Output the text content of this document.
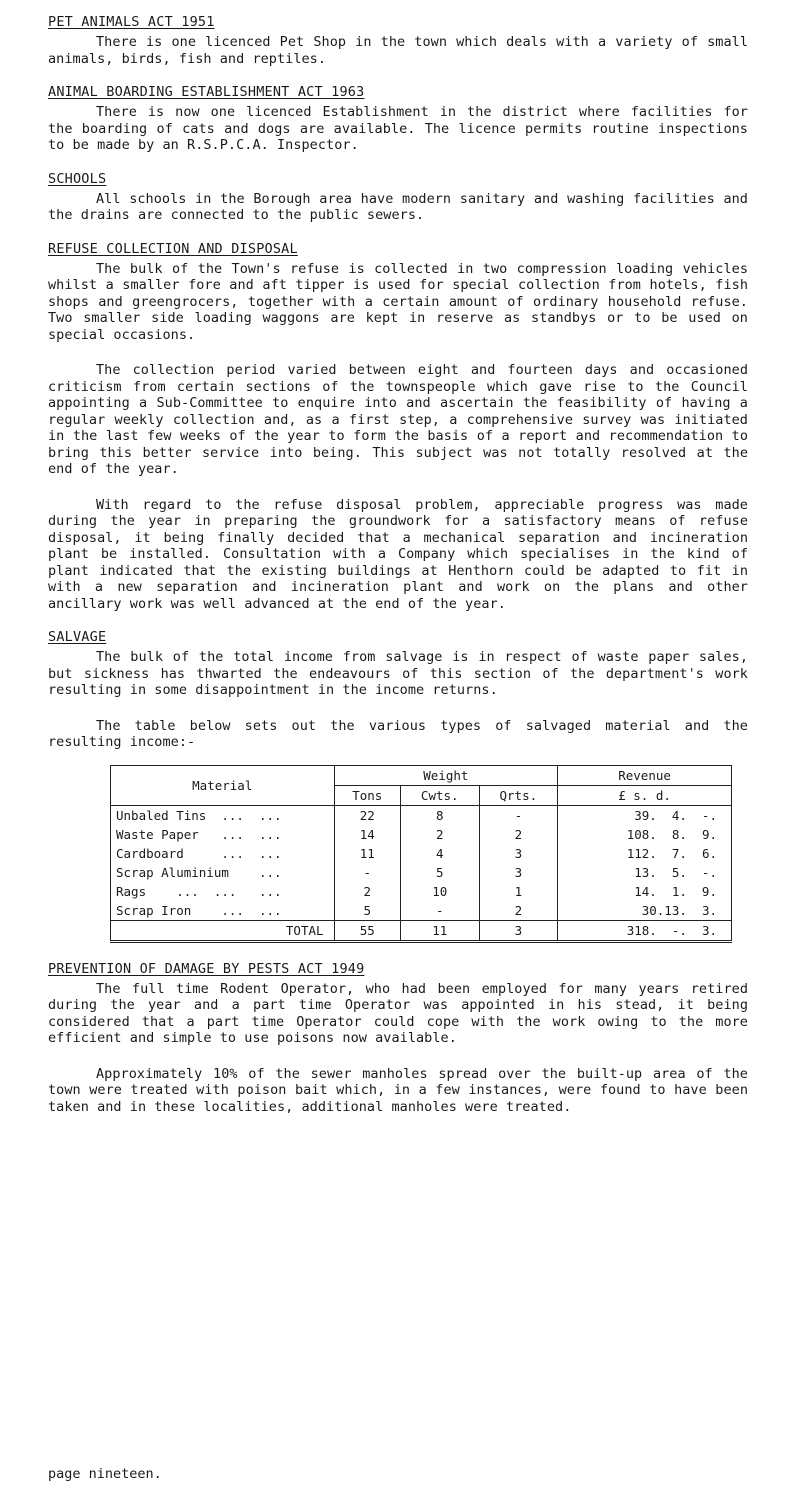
PET ANIMALS ACT 1951

There is one licenced Pet Shop in the town which deals with a variety of small animals, birds, fish and reptiles.

ANIMAL BOARDING ESTABLISHMENT ACT 1963

There is now one licenced Establishment in the district where facilities for the boarding of cats and dogs are available. The licence permits routine inspections to be made by an R.S.P.C.A. Inspector.

SCHOOLS

All schools in the Borough area have modern sanitary and washing facilities and the drains are connected to the public sewers.

REFUSE COLLECTION AND DISPOSAL

The bulk of the Town's refuse is collected in two compression loading vehicles whilst a smaller fore and aft tipper is used for special collection from hotels, fish shops and greengrocers, together with a certain amount of ordinary household refuse. Two smaller side loading waggons are kept in reserve as standbys or to be used on special occasions.

The collection period varied between eight and fourteen days and occasioned criticism from certain sections of the townspeople which gave rise to the Council appointing a Sub-Committee to enquire into and ascertain the feasibility of having a regular weekly collection and, as a first step, a comprehensive survey was initiated in the last few weeks of the year to form the basis of a report and recommendation to bring this better service into being. This subject was not totally resolved at the end of the year.

With regard to the refuse disposal problem, appreciable progress was made during the year in preparing the groundwork for a satisfactory means of refuse disposal, it being finally decided that a mechanical separation and incineration plant be installed. Consultation with a Company which specialises in the kind of plant indicated that the existing buildings at Henthorn could be adapted to fit in with a new separation and incineration plant and work on the plans and other ancillary work was well advanced at the end of the year.

SALVAGE

The bulk of the total income from salvage is in respect of waste paper sales, but sickness has thwarted the endeavours of this section of the department's work resulting in some disappointment in the income returns.

The table below sets out the various types of salvaged material and the resulting income:-

Material	Weight			Revenue
	Tons	Cwts.	Qrts.	£ s. d.
Unbaled Tins  ...  ...	22	8	-	39.  4.  -.
Waste Paper   ...  ...	14	2	2	108.  8.  9.
Cardboard     ...  ...	11	4	3	112.  7.  6.
Scrap Aluminium    ...	-	5	3	13.  5.  -.
Rags    ...  ...   ...	2	10	1	14.  1.  9.
Scrap Iron    ...  ...	5	-	2	30.13.  3.
TOTAL	55	11	3	318.  -.  3.
PREVENTION OF DAMAGE BY PESTS ACT 1949

The full time Rodent Operator, who had been employed for many years retired during the year and a part time Operator was appointed in his stead, it being considered that a part time Operator could cope with the work owing to the more efficient and simple to use poisons now available.

Approximately 10% of the sewer manholes spread over the built-up area of the town were treated with poison bait which, in a few instances, were found to have been taken and in these localities, additional manholes were treated.

page nineteen.
